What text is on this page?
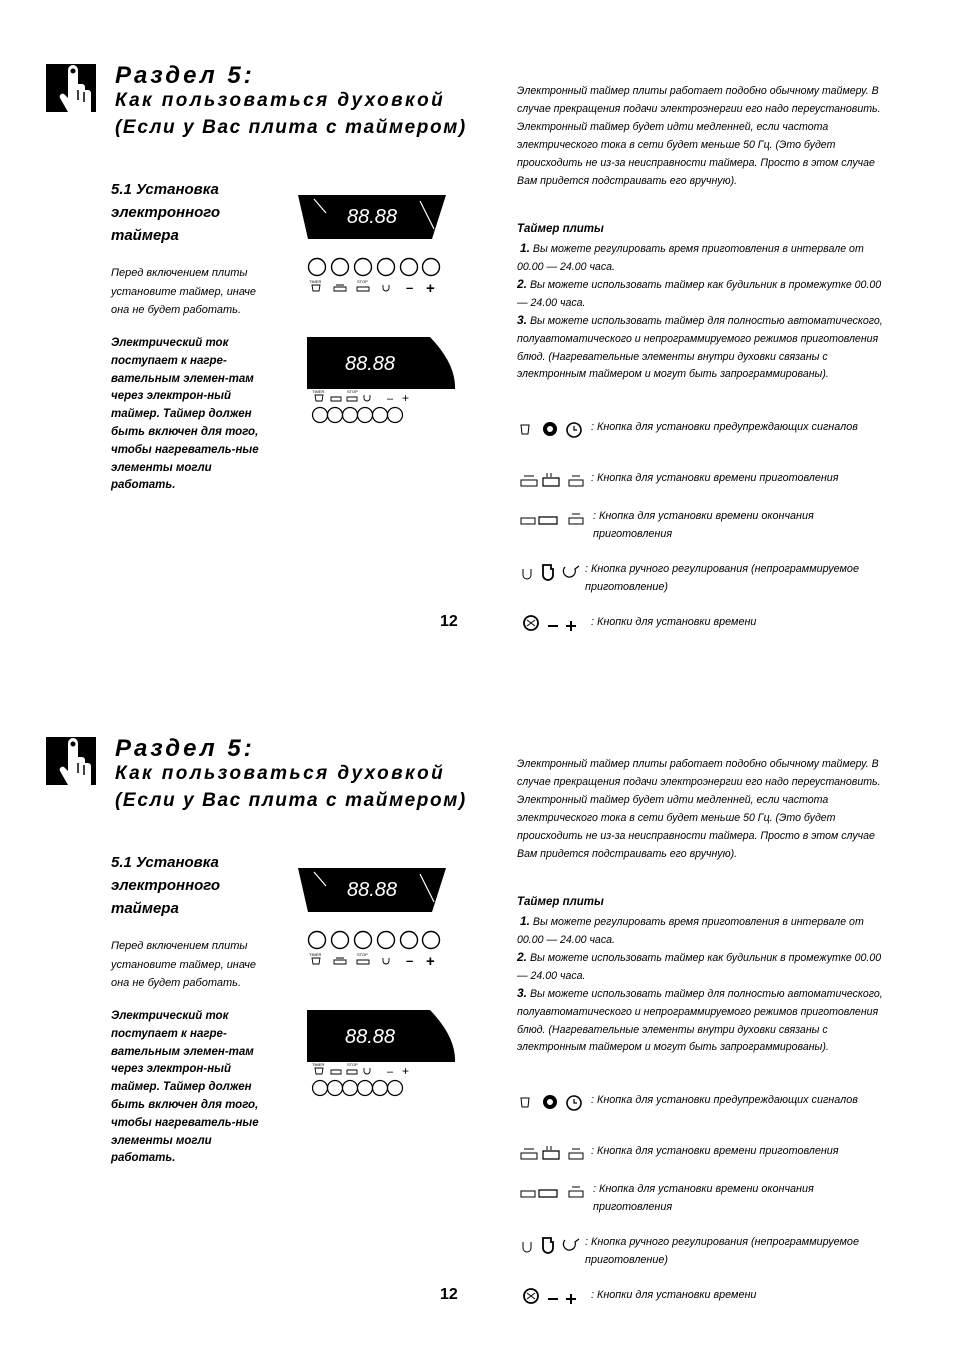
Раздел 5:
Как пользоваться духовкой
(Если у Вас плита с таймером)
5.1 Установка электронного таймера
Перед включением плиты установите таймер, иначе она не будет работать.
Электрический ток поступает к нагре-вательным элемен-там через электрон-ный таймер. Таймер должен быть включен для того, чтобы нагреватель-ные элементы могли работать.
88.88
TIMER	STOP	– +
88.88
TIMER	STOP
– +
12
Электронный таймер плиты работает подобно обычному таймеру. В случае прекращения подачи электроэнергии его надо переустановить. Электронный таймер будет идти медленней, если частота электрического тока в сети будет меньше 50 Гц. (Это будет происходить не из-за неисправности таймера. Просто в этом случае Вам придется подстраивать его вручную).
Таймер плиты
1. Вы можете регулировать время приготовления в интервале от 00.00 — 24.00 часа.
2. Вы можете использовать таймер как будильник в промежутке 00.00 — 24.00 часа.
3. Вы можете использовать таймер для полностью автоматического, полуавтоматического и непрограммируемого режимов приготовления блюд. (Нагревательные элементы внутри духовки связаны с электронным таймером и могут быть запрограммированы).
: Кнопка для установки предупреждающих сигналов
: Кнопка для установки времени приготовления
: Кнопка для установки времени окончания приготовления
: Кнопка ручного регулирования (непрограммируемое приготовление)
: Кнопки для установки времени
Раздел 5:
Как пользоваться духовкой
(Если у Вас плита с таймером)
5.1 Установка электронного таймера
Перед включением плиты установите таймер, иначе она не будет работать.
Электрический ток поступает к нагре-вательным элемен-там через электрон-ный таймер. Таймер должен быть включен для того, чтобы нагреватель-ные элементы могли работать.
88.88
TIMER	STOP	– +
88.88
TIMER	STOP
– +
12
Электронный таймер плиты работает подобно обычному таймеру. В случае прекращения подачи электроэнергии его надо переустановить. Электронный таймер будет идти медленней, если частота электрического тока в сети будет меньше 50 Гц. (Это будет происходить не из-за неисправности таймера. Просто в этом случае Вам придется подстраивать его вручную).
Таймер плиты
1. Вы можете регулировать время приготовления в интервале от 00.00 — 24.00 часа.
2. Вы можете использовать таймер как будильник в промежутке 00.00 — 24.00 часа.
3. Вы можете использовать таймер для полностью автоматического, полуавтоматического и непрограммируемого режимов приготовления блюд. (Нагревательные элементы внутри духовки связаны с электронным таймером и могут быть запрограммированы).
: Кнопка для установки предупреждающих сигналов
: Кнопка для установки времени приготовления
: Кнопка для установки времени окончания приготовления
: Кнопка ручного регулирования (непрограммируемое приготовление)
: Кнопки для установки времени
